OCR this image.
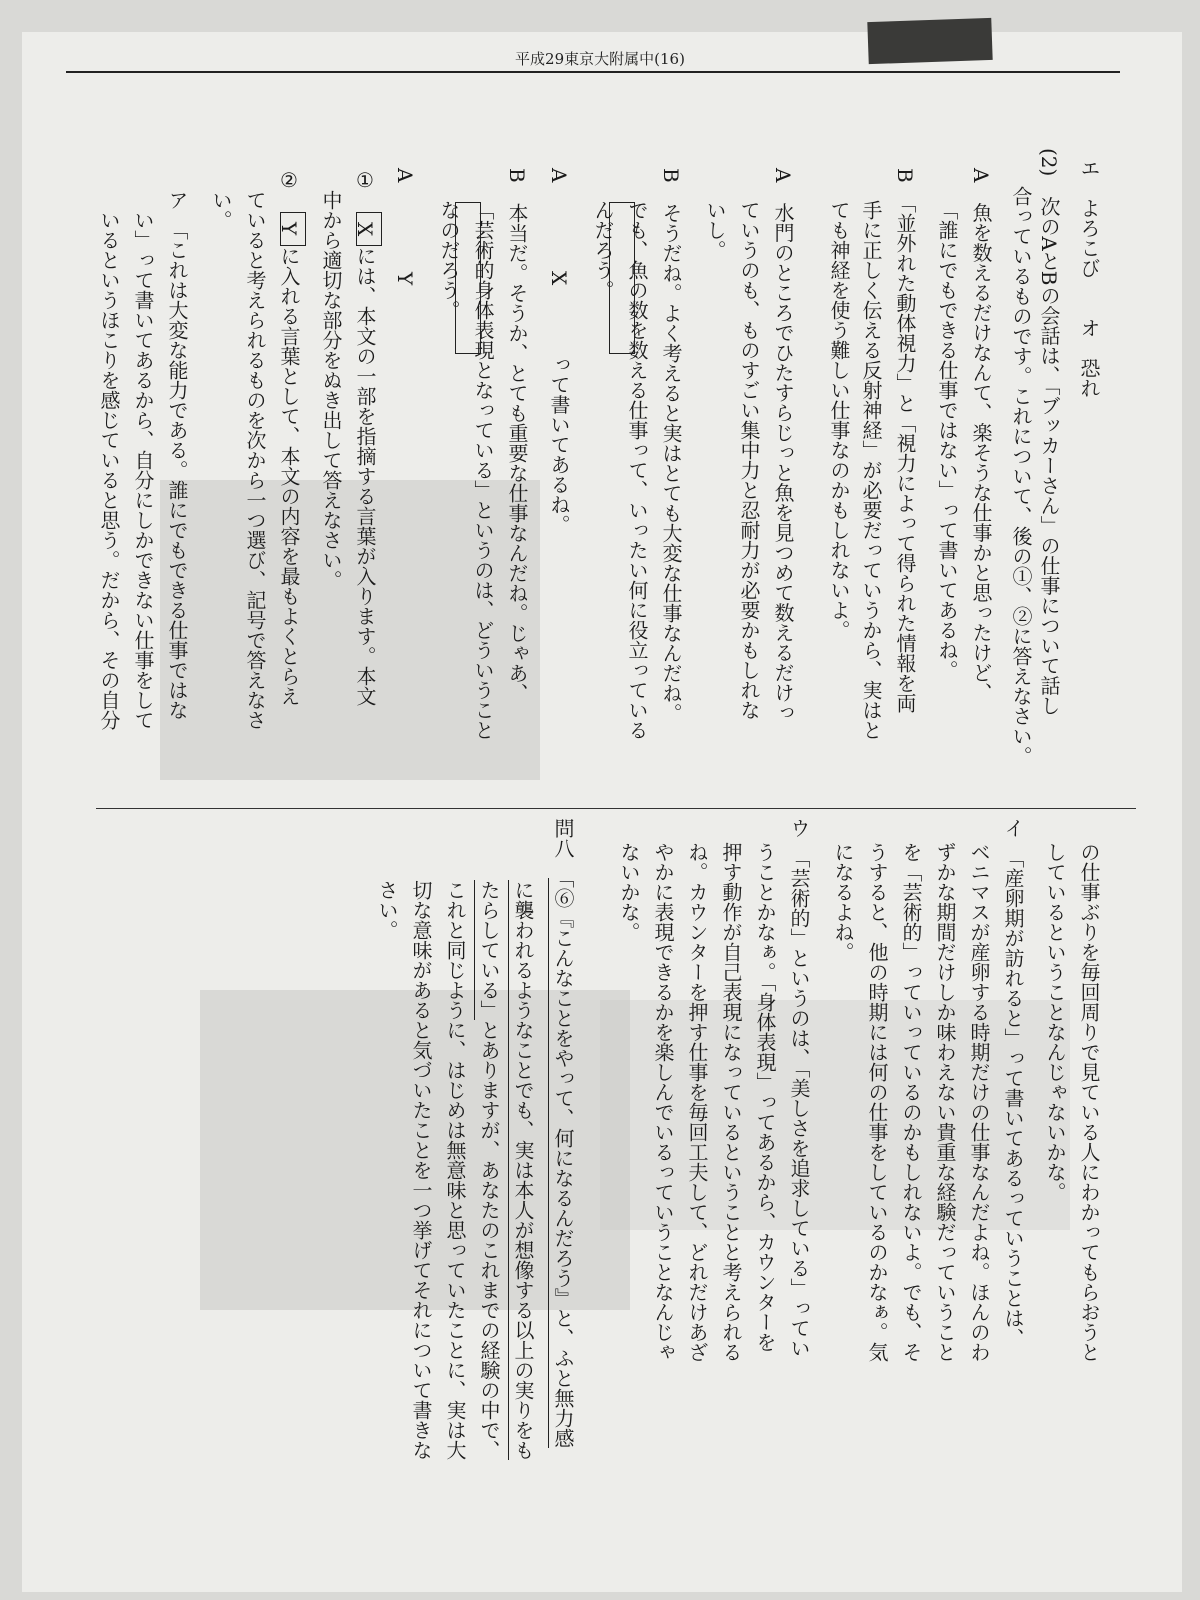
平成29東京大附属中(16)
エ　よろこび　　オ　恐れ
(2)　次のAとBの会話は、「ブッカーさん」の仕事について話し
合っているものです。これについて、後の①、②に答えなさい。
A　魚を数えるだけなんて、楽そうな仕事かと思ったけど、
「誰にでもできる仕事ではない」って書いてあるね。
B　「並外れた動体視力」と「視力によって得られた情報を両
手に正しく伝える反射神経」が必要だっていうから、実はと
ても神経を使う難しい仕事なのかもしれないよ。
A　水門のところでひたすらじっと魚を見つめて数えるだけっ
ていうのも、ものすごい集中力と忍耐力が必要かもしれな
いし。
B　そうだね。よく考えると実はとても大変な仕事なんだね。
でも、魚の数を数える仕事って、いったい何に役立っている
んだろう。
A　Xって書いてあるね。
B　本当だ。そうか、とても重要な仕事なんだね。じゃあ、
「芸術的身体表現となっている」というのは、どういうこと
なのだろう。
A　Y
①　Xには、本文の一部を指摘する言葉が入ります。本文
中から適切な部分をぬき出して答えなさい。
②　Yに入れる言葉として、本文の内容を最もよくとらえ
ていると考えられるものを次から一つ選び、記号で答えなさ
い。
ア　「これは大変な能力である。誰にでもできる仕事ではな
い」って書いてあるから、自分にしかできない仕事をして
いるというほこりを感じていると思う。だから、その自分
の仕事ぶりを毎回周りで見ている人にわかってもらおうと
しているということなんじゃないかな。
イ　「産卵期が訪れると」って書いてあるっていうことは、
ベニマスが産卵する時期だけの仕事なんだよね。ほんのわ
ずかな期間だけしか味わえない貴重な経験だっていうこと
を「芸術的」っていっているのかもしれないよ。でも、そ
うすると、他の時期には何の仕事をしているのかなぁ。気
になるよね。
ウ　「芸術的」というのは、「美しさを追求している」ってい
うことかなぁ。「身体表現」ってあるから、カウンターを
押す動作が自己表現になっているということと考えられる
ね。カウンターを押す仕事を毎回工夫して、どれだけあざ
やかに表現できるかを楽しんでいるっていうことなんじゃ
ないかな。
問八　「⑥『こんなことをやって、何になるんだろう』と、ふと無力感
に襲われるようなことでも、実は本人が想像する以上の実りをも
たらしている」とありますが、あなたのこれまでの経験の中で、
これと同じように、はじめは無意味と思っていたことに、実は大
切な意味があると気づいたことを一つ挙げてそれについて書きな
さい。
